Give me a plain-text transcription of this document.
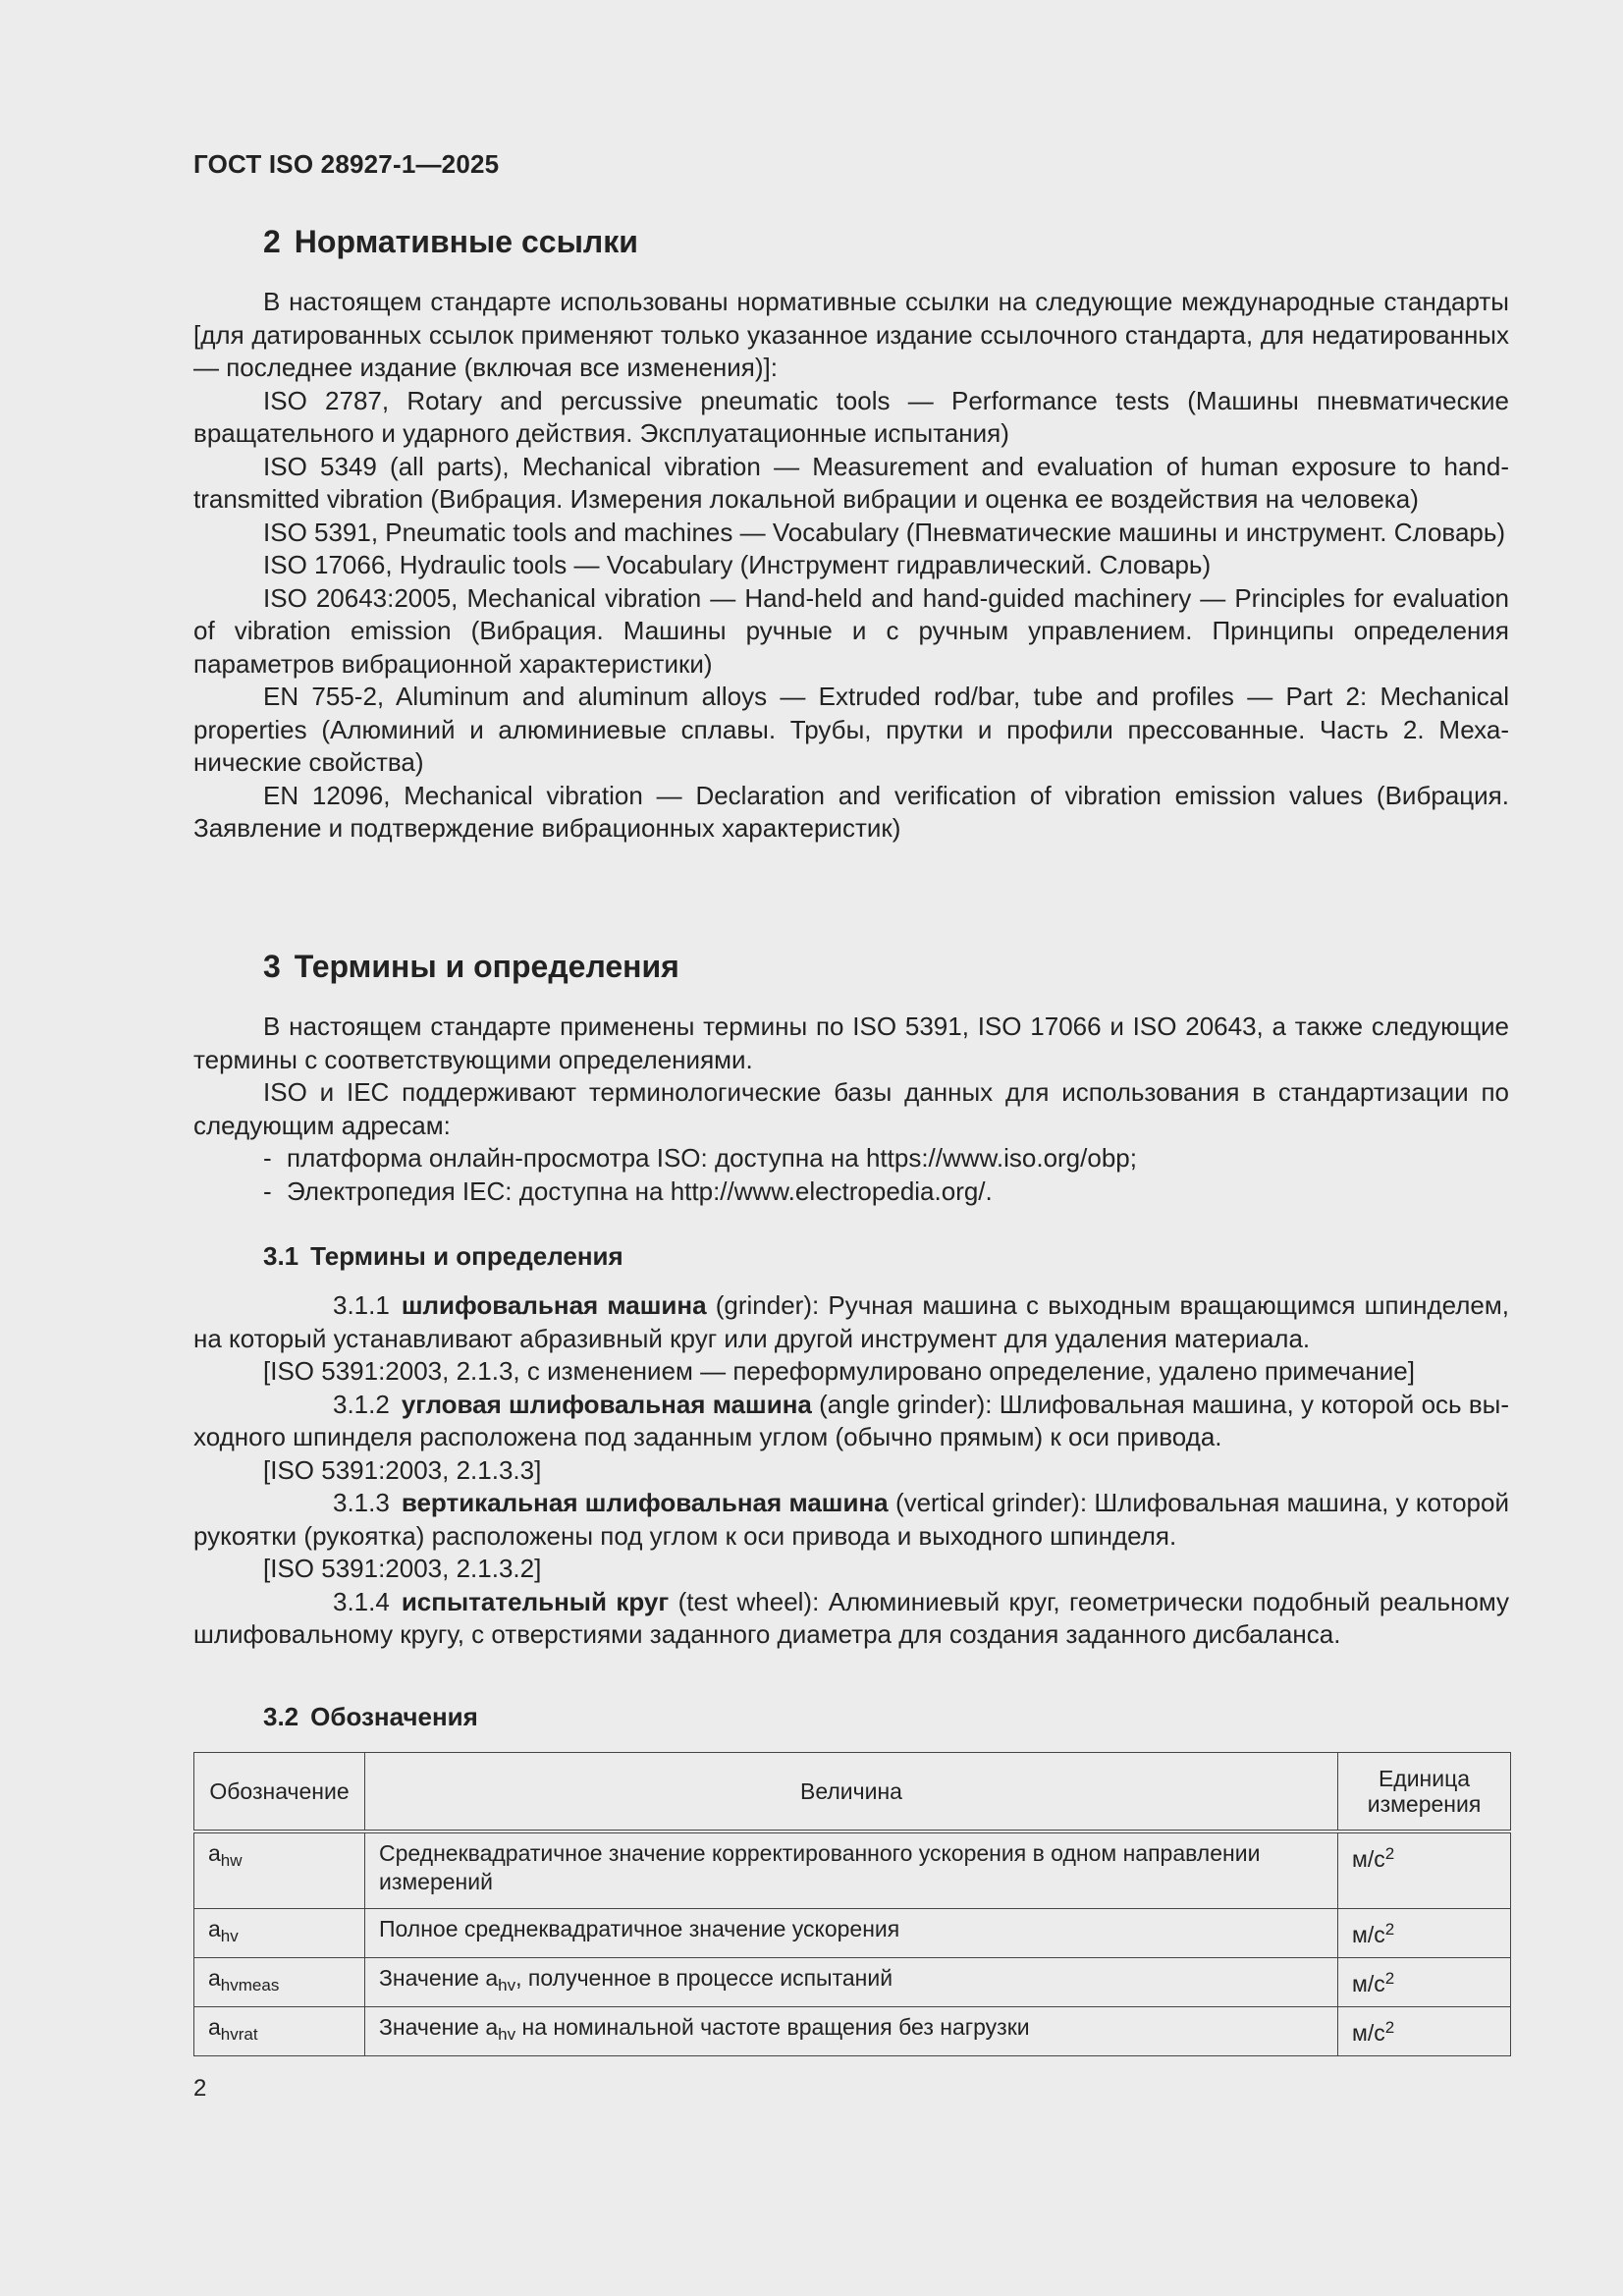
ГОСТ ISO 28927-1—2025
2 Нормативные ссылки

В настоящем стандарте использованы нормативные ссылки на следующие международные стандарты [для датированных ссылок применяют только указанное издание ссылочного стандарта, для недатированных — последнее издание (включая все изменения)]:

ISO 2787, Rotary and percussive pneumatic tools — Performance tests (Машины пневматические вращательного и ударного действия. Эксплуатационные испытания)

ISO 5349 (all parts), Mechanical vibration — Measurement and evaluation of human exposure to hand-transmitted vibration (Вибрация. Измерения локальной вибрации и оценка ее воздействия на человека)

ISO 5391, Pneumatic tools and machines — Vocabulary (Пневматические машины и инструмент. Словарь)

ISO 17066, Hydraulic tools — Vocabulary (Инструмент гидравлический. Словарь)

ISO 20643:2005, Mechanical vibration — Hand-held and hand-guided machinery — Principles for evaluation of vibration emission (Вибрация. Машины ручные и с ручным управлением. Принципы определения параметров вибрационной характеристики)

EN 755-2, Aluminum and aluminum alloys — Extruded rod/bar, tube and profiles — Part 2: Mechanical properties (Алюминий и алюминиевые сплавы. Трубы, прутки и профили прессованные. Часть 2. Механические свойства)

EN 12096, Mechanical vibration — Declaration and verification of vibration emission values (Вибрация. Заявление и подтверждение вибрационных характеристик)

3 Термины и определения

В настоящем стандарте применены термины по ISO 5391, ISO 17066 и ISO 20643, а также следующие термины с соответствующими определениями.

ISO и IEC поддерживают терминологические базы данных для использования в стандартизации по следующим адресам:

- платформа онлайн-просмотра ISO: доступна на https://www.iso.org/obp;
- Электропедия IEC: доступна на http://www.electropedia.org/.
3.1 Термины и определения

3.1.1 шлифовальная машина (grinder): Ручная машина с выходным вращающимся шпинделем, на который устанавливают абразивный круг или другой инструмент для удаления материала.

[ISO 5391:2003, 2.1.3, с изменением — переформулировано определение, удалено примечание]

3.1.2 угловая шлифовальная машина (angle grinder): Шлифовальная машина, у которой ось выходного шпинделя расположена под заданным углом (обычно прямым) к оси привода.

[ISO 5391:2003, 2.1.3.3]

3.1.3 вертикальная шлифовальная машина (vertical grinder): Шлифовальная машина, у которой рукоятки (рукоятка) расположены под углом к оси привода и выходного шпинделя.

[ISO 5391:2003, 2.1.3.2]

3.1.4 испытательный круг (test wheel): Алюминиевый круг, геометрически подобный реальному шлифовальному кругу, с отверстиями заданного диаметра для создания заданного дисбаланса.

3.2 Обозначения
Обозначение	Величина	Единица измерения
$a_{hw}$	Среднеквадратичное значение корректированного ускорения в одном направлении измерений	$м/с^2$
$a_{hv}$	Полное среднеквадратичное значение ускорения	$м/с^2$
$a_{hvmeas}$	Значение $a_{hv}$, полученное в процессе испытаний	$м/с^2$
$a_{hvrat}$	Значение $a_{hv}$ на номинальной частоте вращения без нагрузки	$м/с^2$
2
